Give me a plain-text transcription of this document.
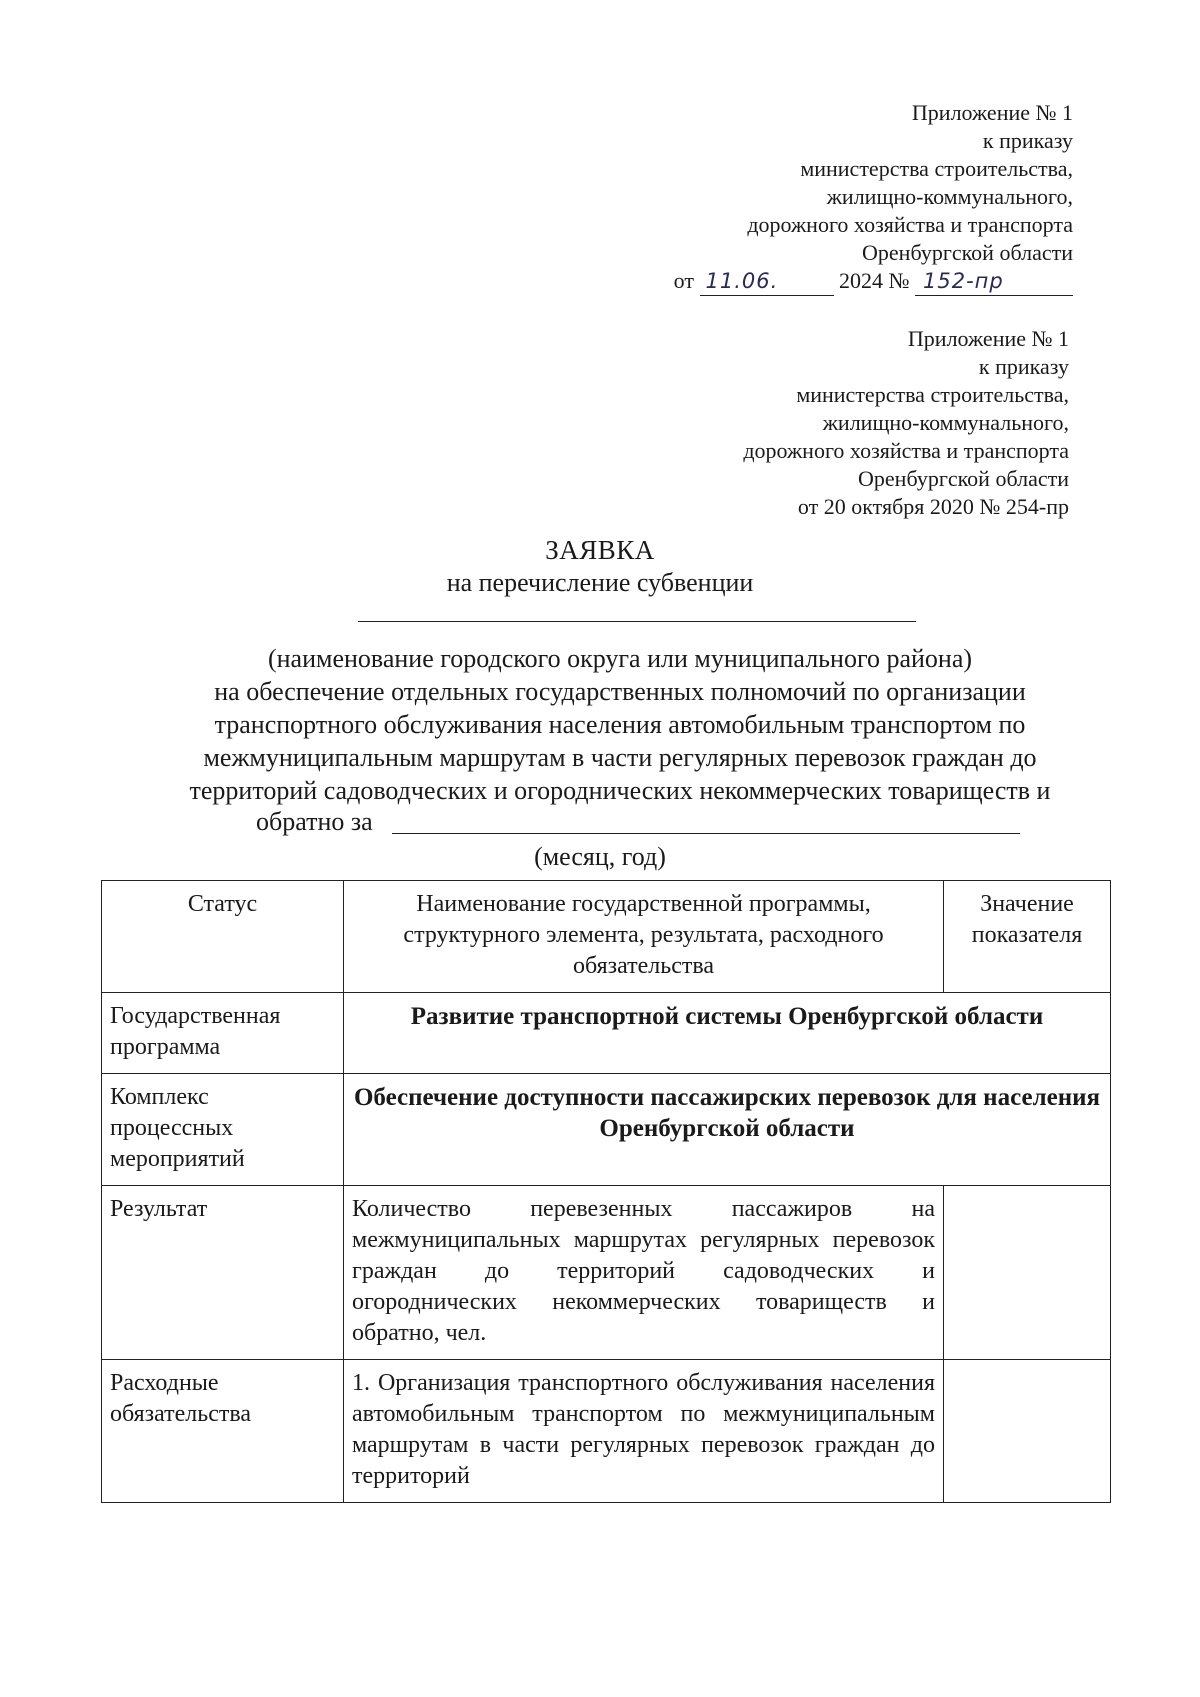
Приложение № 1
к приказу
министерства строительства,
жилищно-коммунального,
дорожного хозяйства и транспорта
Оренбургской области
от 11.06.	2024 № 152-пр
Приложение № 1
к приказу
министерства строительства,
жилищно-коммунального,
дорожного хозяйства и транспорта
Оренбургской области
от 20 октября 2020 № 254-пр
ЗАЯВКА
на перечисление субвенции
(наименование городского округа или муниципального района)
на обеспечение отдельных государственных полномочий по организации
транспортного обслуживания населения автомобильным транспортом по
межмуниципальным маршрутам в части регулярных перевозок граждан до
территорий садоводческих и огороднических некоммерческих товариществ и
обратно за
(месяц, год)
Статус	Наименование государственной программы, структурного элемента, результата, расходного обязательства	Значение показателя
Государственная программа	Развитие транспортной системы Оренбургской области	
Комплекс процессных мероприятий	Обеспечение доступности пассажирских перевозок для населения Оренбургской области	
Результат	Количество перевезенных пассажиров на межмуниципальных маршрутах регулярных перевозок граждан до территорий садоводческих и огороднических некоммерческих товариществ и обратно, чел.	
Расходные обязательства	1. Организация транспортного обслуживания населения автомобильным транспортом по межмуниципальным маршрутам в части регулярных перевозок граждан до территорий	
